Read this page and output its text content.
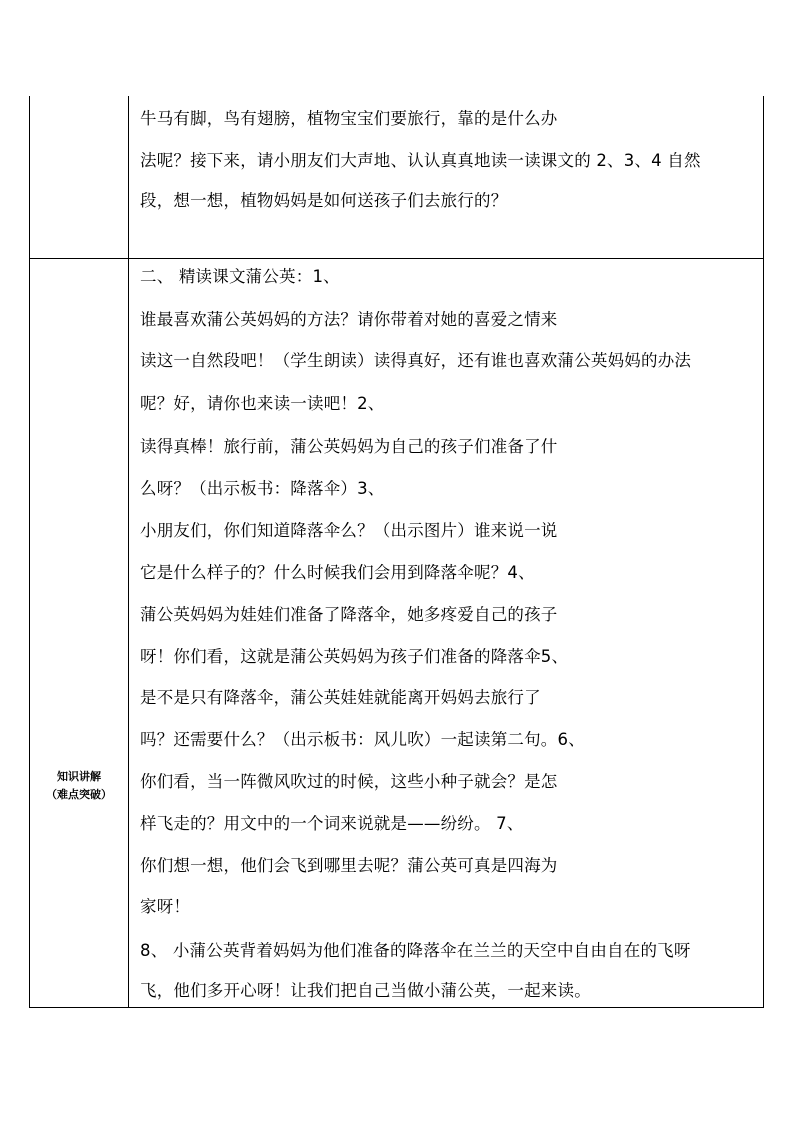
牛马有脚，鸟有翅膀，植物宝宝们要旅行，靠的是什么办
法呢？接下来，请小朋友们大声地、认认真真地读一读课文的 2、3、4 自然
段，想一想，植物妈妈是如何送孩子们去旅行的？
知识讲解
（难点突破）
二、 精读课文蒲公英：1、
谁最喜欢蒲公英妈妈的方法？请你带着对她的喜爱之情来
读这一自然段吧！（学生朗读）读得真好，还有谁也喜欢蒲公英妈妈的办法
呢？好，请你也来读一读吧！2、
读得真棒！旅行前，蒲公英妈妈为自己的孩子们准备了什
么呀？（出示板书：降落伞）3、
小朋友们，你们知道降落伞么？（出示图片）谁来说一说
它是什么样子的？什么时候我们会用到降落伞呢？4、
蒲公英妈妈为娃娃们准备了降落伞，她多疼爱自己的孩子
呀！你们看，这就是蒲公英妈妈为孩子们准备的降落伞5、
是不是只有降落伞，蒲公英娃娃就能离开妈妈去旅行了
吗？还需要什么？（出示板书：风儿吹）一起读第二句。6、
你们看，当一阵微风吹过的时候，这些小种子就会？是怎
样飞走的？用文中的一个词来说就是——纷纷。 7、
你们想一想，他们会飞到哪里去呢？蒲公英可真是四海为
家呀！
8、 小蒲公英背着妈妈为他们准备的降落伞在兰兰的天空中自由自在的飞呀
飞，他们多开心呀！让我们把自己当做小蒲公英，一起来读。
